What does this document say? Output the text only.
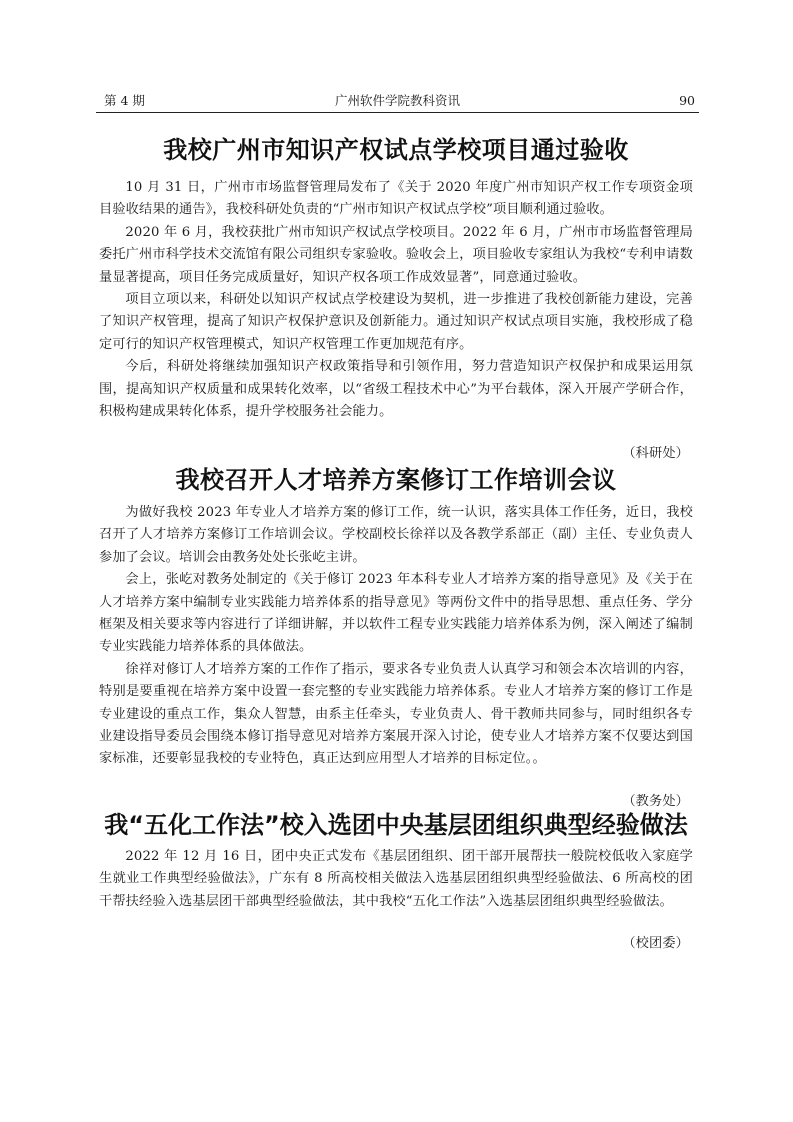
第 4 期	广州软件学院教科资讯	90
我校广州市知识产权试点学校项目通过验收

10 月 31 日，广州市市场监督管理局发布了《关于 2020 年度广州市知识产权工作专项资金项目验收结果的通告》，我校科研处负责的“广州市知识产权试点学校”项目顺利通过验收。

2020 年 6 月，我校获批广州市知识产权试点学校项目。2022 年 6 月，广州市市场监督管理局委托广州市科学技术交流馆有限公司组织专家验收。验收会上，项目验收专家组认为我校“专利申请数量显著提高，项目任务完成质量好，知识产权各项工作成效显著”，同意通过验收。

项目立项以来，科研处以知识产权试点学校建设为契机，进一步推进了我校创新能力建设，完善了知识产权管理，提高了知识产权保护意识及创新能力。通过知识产权试点项目实施，我校形成了稳定可行的知识产权管理模式，知识产权管理工作更加规范有序。

今后，科研处将继续加强知识产权政策指导和引领作用，努力营造知识产权保护和成果运用氛围，提高知识产权质量和成果转化效率，以“省级工程技术中心”为平台载体，深入开展产学研合作，积极构建成果转化体系，提升学校服务社会能力。

（科研处）

我校召开人才培养方案修订工作培训会议

为做好我校 2023 年专业人才培养方案的修订工作，统一认识，落实具体工作任务，近日，我校召开了人才培养方案修订工作培训会议。学校副校长徐祥以及各教学系部正（副）主任、专业负责人参加了会议。培训会由教务处处长张屹主讲。

会上，张屹对教务处制定的《关于修订 2023 年本科专业人才培养方案的指导意见》及《关于在人才培养方案中编制专业实践能力培养体系的指导意见》等两份文件中的指导思想、重点任务、学分框架及相关要求等内容进行了详细讲解，并以软件工程专业实践能力培养体系为例，深入阐述了编制专业实践能力培养体系的具体做法。

徐祥对修订人才培养方案的工作作了指示，要求各专业负责人认真学习和领会本次培训的内容，特别是要重视在培养方案中设置一套完整的专业实践能力培养体系。专业人才培养方案的修订工作是专业建设的重点工作，集众人智慧，由系主任牵头，专业负责人、骨干教师共同参与，同时组织各专业建设指导委员会围绕本修订指导意见对培养方案展开深入讨论，使专业人才培养方案不仅要达到国家标准，还要彰显我校的专业特色，真正达到应用型人才培养的目标定位。。

（教务处）

我“五化工作法”校入选团中央基层团组织典型经验做法

2022 年 12 月 16 日，团中央正式发布《基层团组织、团干部开展帮扶一般院校低收入家庭学生就业工作典型经验做法》，广东有 8 所高校相关做法入选基层团组织典型经验做法、6 所高校的团干帮扶经验入选基层团干部典型经验做法，其中我校“五化工作法”入选基层团组织典型经验做法。

（校团委）
